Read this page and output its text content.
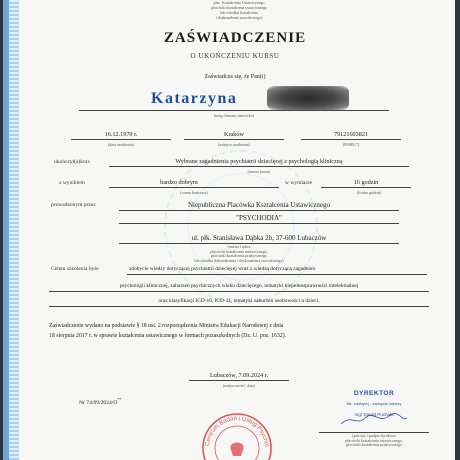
plac. Kształcenia Ustawicznego
placówki kształcenia ustawicznego
lub ośrodka kształcenia
i doskonalenia zawodowego)
ZAŚWIADCZENIE
O UKOŃCZENIU KURSU
Zaświadcza się, że Pan(i)
Katarzyna
(imię /imiona, nazwisko)
16.12.1979 r.
(data urodzenia)
Kraków
(miejsce urodzenia)
79121603821
(PESEL*)
ukończył(a)kurs	Wybrane zagadnienia psychiatrii dziecięcej z psychologią kliniczną
(nazwa kursu)
z wynikiem	bardzo dobrym
(ocena końcowa)
w wymiarze	16 godzin
(liczba godzin)
prowadzonym przez	Niepubliczna Placówka Kształcenia Ustawicznego
"PSYCHODIA"
ul. płk. Stanisława Dąbka 2b, 37-600 Lubaczów
(nazwa i adres
placówki kształcenia ustawicznego,
placówki kształcenia praktycznego
lub ośrodka dokształcania i doskonalenia zawodowego)
Celem szkolenia było	zdobycie wiedzy dotyczącej psychiatrii dziecięcej wraz z wiedzą dotyczącą zagadnień
psychologii klinicznej, zaburzeń psychicznych wieku dziecięcego, tematyki niepełnosprawności intelektualnej
oraz klasyfikacji ICD-10, ICD-11, tematyki zaburzeń osobowości u dzieci.
Zaświadczenie wydano na podstawie § 18 ust. 2 rozporządzenia Ministra Edukacji Narodowej z dnia
18 sierpnia 2017 r. w sprawie kształcenia ustawicznego w formach pozaszkolnych (Dz. U. poz. 1632).
Lubaczów, 7.09.2024 r.
(miejscowość, data)
Nr 74/09/2024/O**
DYREKTOR
Nk. zdobytej - zdobycie wiedzy
mgr Dawid Puchała
(pieczęć i podpis dyrektora
placówki kształcenia ustawicznego,
placówki kształcenia praktycznego
Centrum Badań i Usług Psychol
